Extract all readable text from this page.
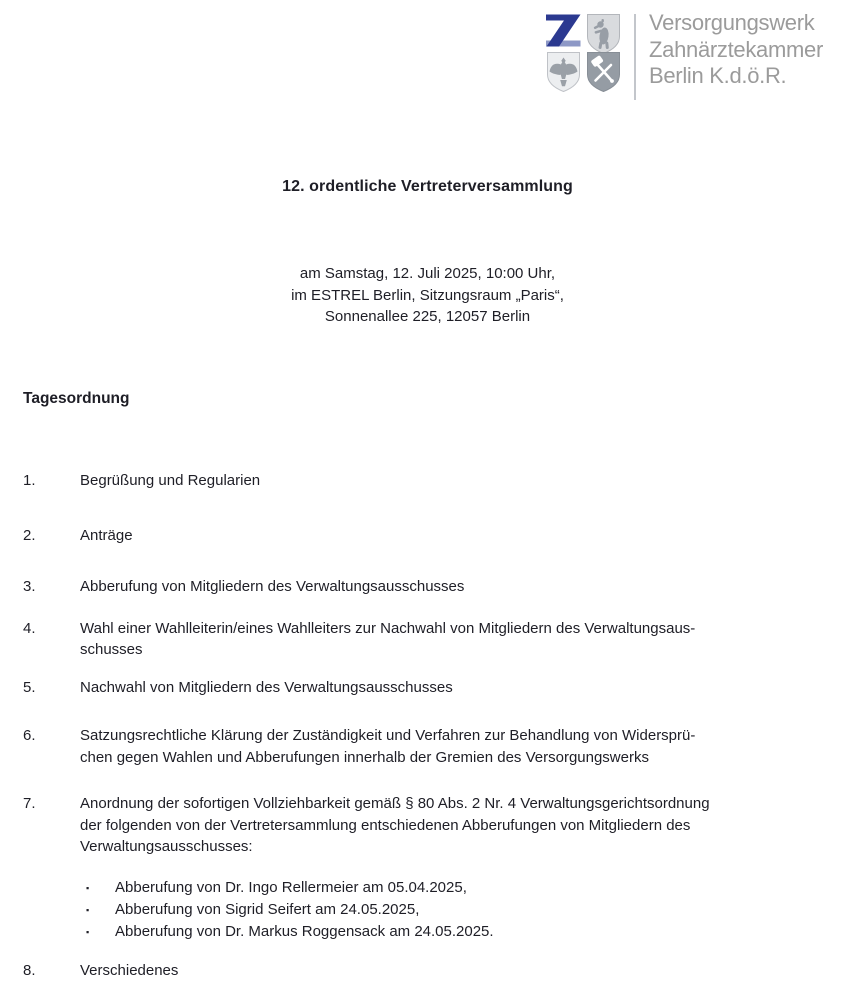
Versorgungswerk
Zahnärztekammer
Berlin K.d.ö.R.
12. ordentliche Vertreterversammlung
am Samstag, 12. Juli 2025, 10:00 Uhr,
im ESTREL Berlin, Sitzungsraum „Paris“,
Sonnenallee 225, 12057 Berlin
Tagesordnung
1.	Begrüßung und Regularien
2.	Anträge
3.	Abberufung von Mitgliedern des Verwaltungsausschusses
4.	Wahl einer Wahlleiterin/eines Wahlleiters zur Nachwahl von Mitgliedern des Verwaltungsaus-
schusses
5.	Nachwahl von Mitgliedern des Verwaltungsausschusses
6.	Satzungsrechtliche Klärung der Zuständigkeit und Verfahren zur Behandlung von Widersprü-
chen gegen Wahlen und Abberufungen innerhalb der Gremien des Versorgungswerks
7.	Anordnung der sofortigen Vollziehbarkeit gemäß § 80 Abs. 2 Nr. 4 Verwaltungsgerichtsordnung
der folgenden von der Vertretersammlung entschiedenen Abberufungen von Mitgliedern des
Verwaltungsausschusses:
▪	Abberufung von Dr. Ingo Rellermeier am 05.04.2025,
▪	Abberufung von Sigrid Seifert am 24.05.2025,
▪	Abberufung von Dr. Markus Roggensack am 24.05.2025.
8.	Verschiedenes
